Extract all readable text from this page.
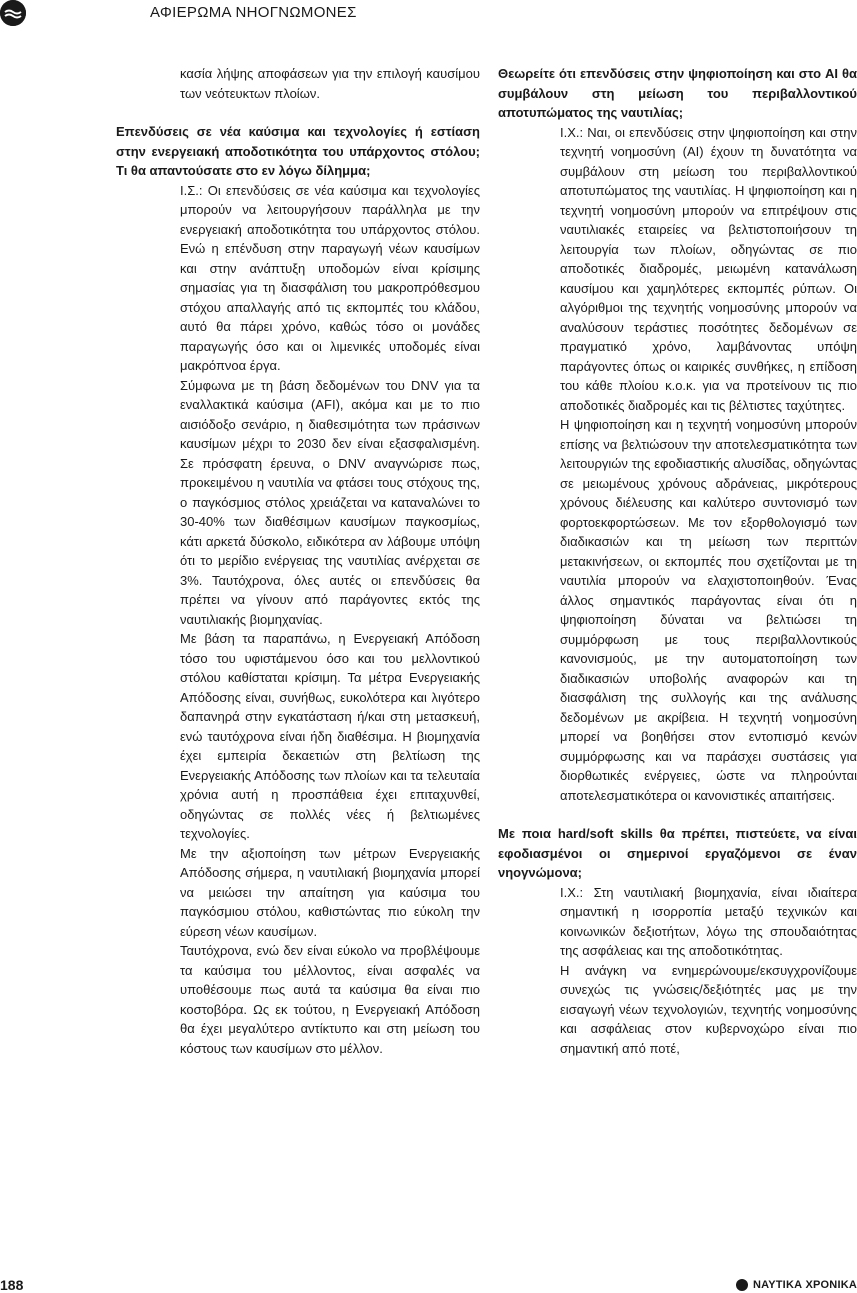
ΑΦΙΕΡΩΜΑ ΝΗΟΓΝΩΜΟΝΕΣ

κασία λήψης αποφάσεων για την επιλογή καυσίμου των νεότευκτων πλοίων.

Επενδύσεις σε νέα καύσιμα και τεχνολογίες ή εστίαση στην ενεργειακή αποδοτικότητα του υπάρχοντος στόλου; Τι θα απαντούσατε στο εν λόγω δίλημμα;

Ι.Σ.: Οι επενδύσεις σε νέα καύσιμα και τεχνολογίες μπορούν να λειτουργήσουν παράλληλα με την ενεργειακή αποδοτικότητα του υπάρχοντος στόλου. Ενώ η επένδυση στην παραγωγή νέων καυσίμων και στην ανάπτυξη υποδομών είναι κρίσιμης σημασίας για τη διασφάλιση του μακροπρόθεσμου στόχου απαλλαγής από τις εκπομπές του κλάδου, αυτό θα πάρει χρόνο, καθώς τόσο οι μονάδες παραγωγής όσο και οι λιμενικές υποδομές είναι μακρόπνοα έργα.

Σύμφωνα με τη βάση δεδομένων του DNV για τα εναλλακτικά καύσιμα (AFI), ακόμα και με το πιο αισιόδοξο σενάριο, η διαθεσιμότητα των πράσινων καυσίμων μέχρι το 2030 δεν είναι εξασφαλισμένη. Σε πρόσφατη έρευνα, ο DNV αναγνώρισε πως, προκειμένου η ναυτιλία να φτάσει τους στόχους της, ο παγκόσμιος στόλος χρειάζεται να καταναλώνει το 30-40% των διαθέσιμων καυσίμων παγκοσμίως, κάτι αρκετά δύσκολο, ειδικότερα αν λάβουμε υπόψη ότι το μερίδιο ενέργειας της ναυτιλίας ανέρχεται σε 3%. Ταυτόχρονα, όλες αυτές οι επενδύσεις θα πρέπει να γίνουν από παράγοντες εκτός της ναυτιλιακής βιομηχανίας.

Με βάση τα παραπάνω, η Ενεργειακή Απόδοση τόσο του υφιστάμενου όσο και του μελλοντικού στόλου καθίσταται κρίσιμη. Τα μέτρα Ενεργειακής Απόδοσης είναι, συνήθως, ευκολότερα και λιγότερο δαπανηρά στην εγκατάσταση ή/και στη μετασκευή, ενώ ταυτόχρονα είναι ήδη διαθέσιμα. Η βιομηχανία έχει εμπειρία δεκαετιών στη βελτίωση της Ενεργειακής Απόδοσης των πλοίων και τα τελευταία χρόνια αυτή η προσπάθεια έχει επιταχυνθεί, οδηγώντας σε πολλές νέες ή βελτιωμένες τεχνολογίες.

Με την αξιοποίηση των μέτρων Ενεργειακής Απόδοσης σήμερα, η ναυτιλιακή βιομηχανία μπορεί να μειώσει την απαίτηση για καύσιμα του παγκόσμιου στόλου, καθιστώντας πιο εύκολη την εύρεση νέων καυσίμων.

Ταυτόχρονα, ενώ δεν είναι εύκολο να προβλέψουμε τα καύσιμα του μέλλοντος, είναι ασφαλές να υποθέσουμε πως αυτά τα καύσιμα θα είναι πιο κοστοβόρα. Ως εκ τούτου, η Ενεργειακή Απόδοση θα έχει μεγαλύτερο αντίκτυπο και στη μείωση του κόστους των καυσίμων στο μέλλον.

Θεωρείτε ότι επενδύσεις στην ψηφιοποίηση και στο AI θα συμβάλουν στη μείωση του περιβαλλοντικού αποτυπώματος της ναυτιλίας;

Ι.Χ.: Ναι, οι επενδύσεις στην ψηφιοποίηση και στην τεχνητή νοημοσύνη (AI) έχουν τη δυνατότητα να συμβάλουν στη μείωση του περιβαλλοντικού αποτυπώματος της ναυτιλίας. Η ψηφιοποίηση και η τεχνητή νοημοσύνη μπορούν να επιτρέψουν στις ναυτιλιακές εταιρείες να βελτιστοποιήσουν τη λειτουργία των πλοίων, οδηγώντας σε πιο αποδοτικές διαδρομές, μειωμένη κατανάλωση καυσίμου και χαμηλότερες εκπομπές ρύπων. Οι αλγόριθμοι της τεχνητής νοημοσύνης μπορούν να αναλύσουν τεράστιες ποσότητες δεδομένων σε πραγματικό χρόνο, λαμβάνοντας υπόψη παράγοντες όπως οι καιρικές συνθήκες, η επίδοση του κάθε πλοίου κ.ο.κ. για να προτείνουν τις πιο αποδοτικές διαδρομές και τις βέλτιστες ταχύτητες.

Η ψηφιοποίηση και η τεχνητή νοημοσύνη μπορούν επίσης να βελτιώσουν την αποτελεσματικότητα των λειτουργιών της εφοδιαστικής αλυσίδας, οδηγώντας σε μειωμένους χρόνους αδράνειας, μικρότερους χρόνους διέλευσης και καλύτερο συντονισμό των φορτοεκφορτώσεων. Με τον εξορθολογισμό των διαδικασιών και τη μείωση των περιττών μετακινήσεων, οι εκπομπές που σχετίζονται με τη ναυτιλία μπορούν να ελαχιστοποιηθούν. Ένας άλλος σημαντικός παράγοντας είναι ότι η ψηφιοποίηση δύναται να βελτιώσει τη συμμόρφωση με τους περιβαλλοντικούς κανονισμούς, με την αυτοματοποίηση των διαδικασιών υποβολής αναφορών και τη διασφάλιση της συλλογής και της ανάλυσης δεδομένων με ακρίβεια. Η τεχνητή νοημοσύνη μπορεί να βοηθήσει στον εντοπισμό κενών συμμόρφωσης και να παράσχει συστάσεις για διορθωτικές ενέργειες, ώστε να πληρούνται αποτελεσματικότερα οι κανονιστικές απαιτήσεις.

Με ποια hard/soft skills θα πρέπει, πιστεύετε, να είναι εφοδιασμένοι οι σημερινοί εργαζόμενοι σε έναν νηογνώμονα;

Ι.Χ.: Στη ναυτιλιακή βιομηχανία, είναι ιδιαίτερα σημαντική η ισορροπία μεταξύ τεχνικών και κοινωνικών δεξιοτήτων, λόγω της σπουδαιότητας της ασφάλειας και της αποδοτικότητας.

Η ανάγκη να ενημερώνουμε/εκσυγχρονίζουμε συνεχώς τις γνώσεις/δεξιότητές μας με την εισαγωγή νέων τεχνολογιών, τεχνητής νοημοσύνης και ασφάλειας στον κυβερνοχώρο είναι πιο σημαντική από ποτέ,

188	ΝΑΥΤΙΚΑ ΧΡΟΝΙΚΑ
